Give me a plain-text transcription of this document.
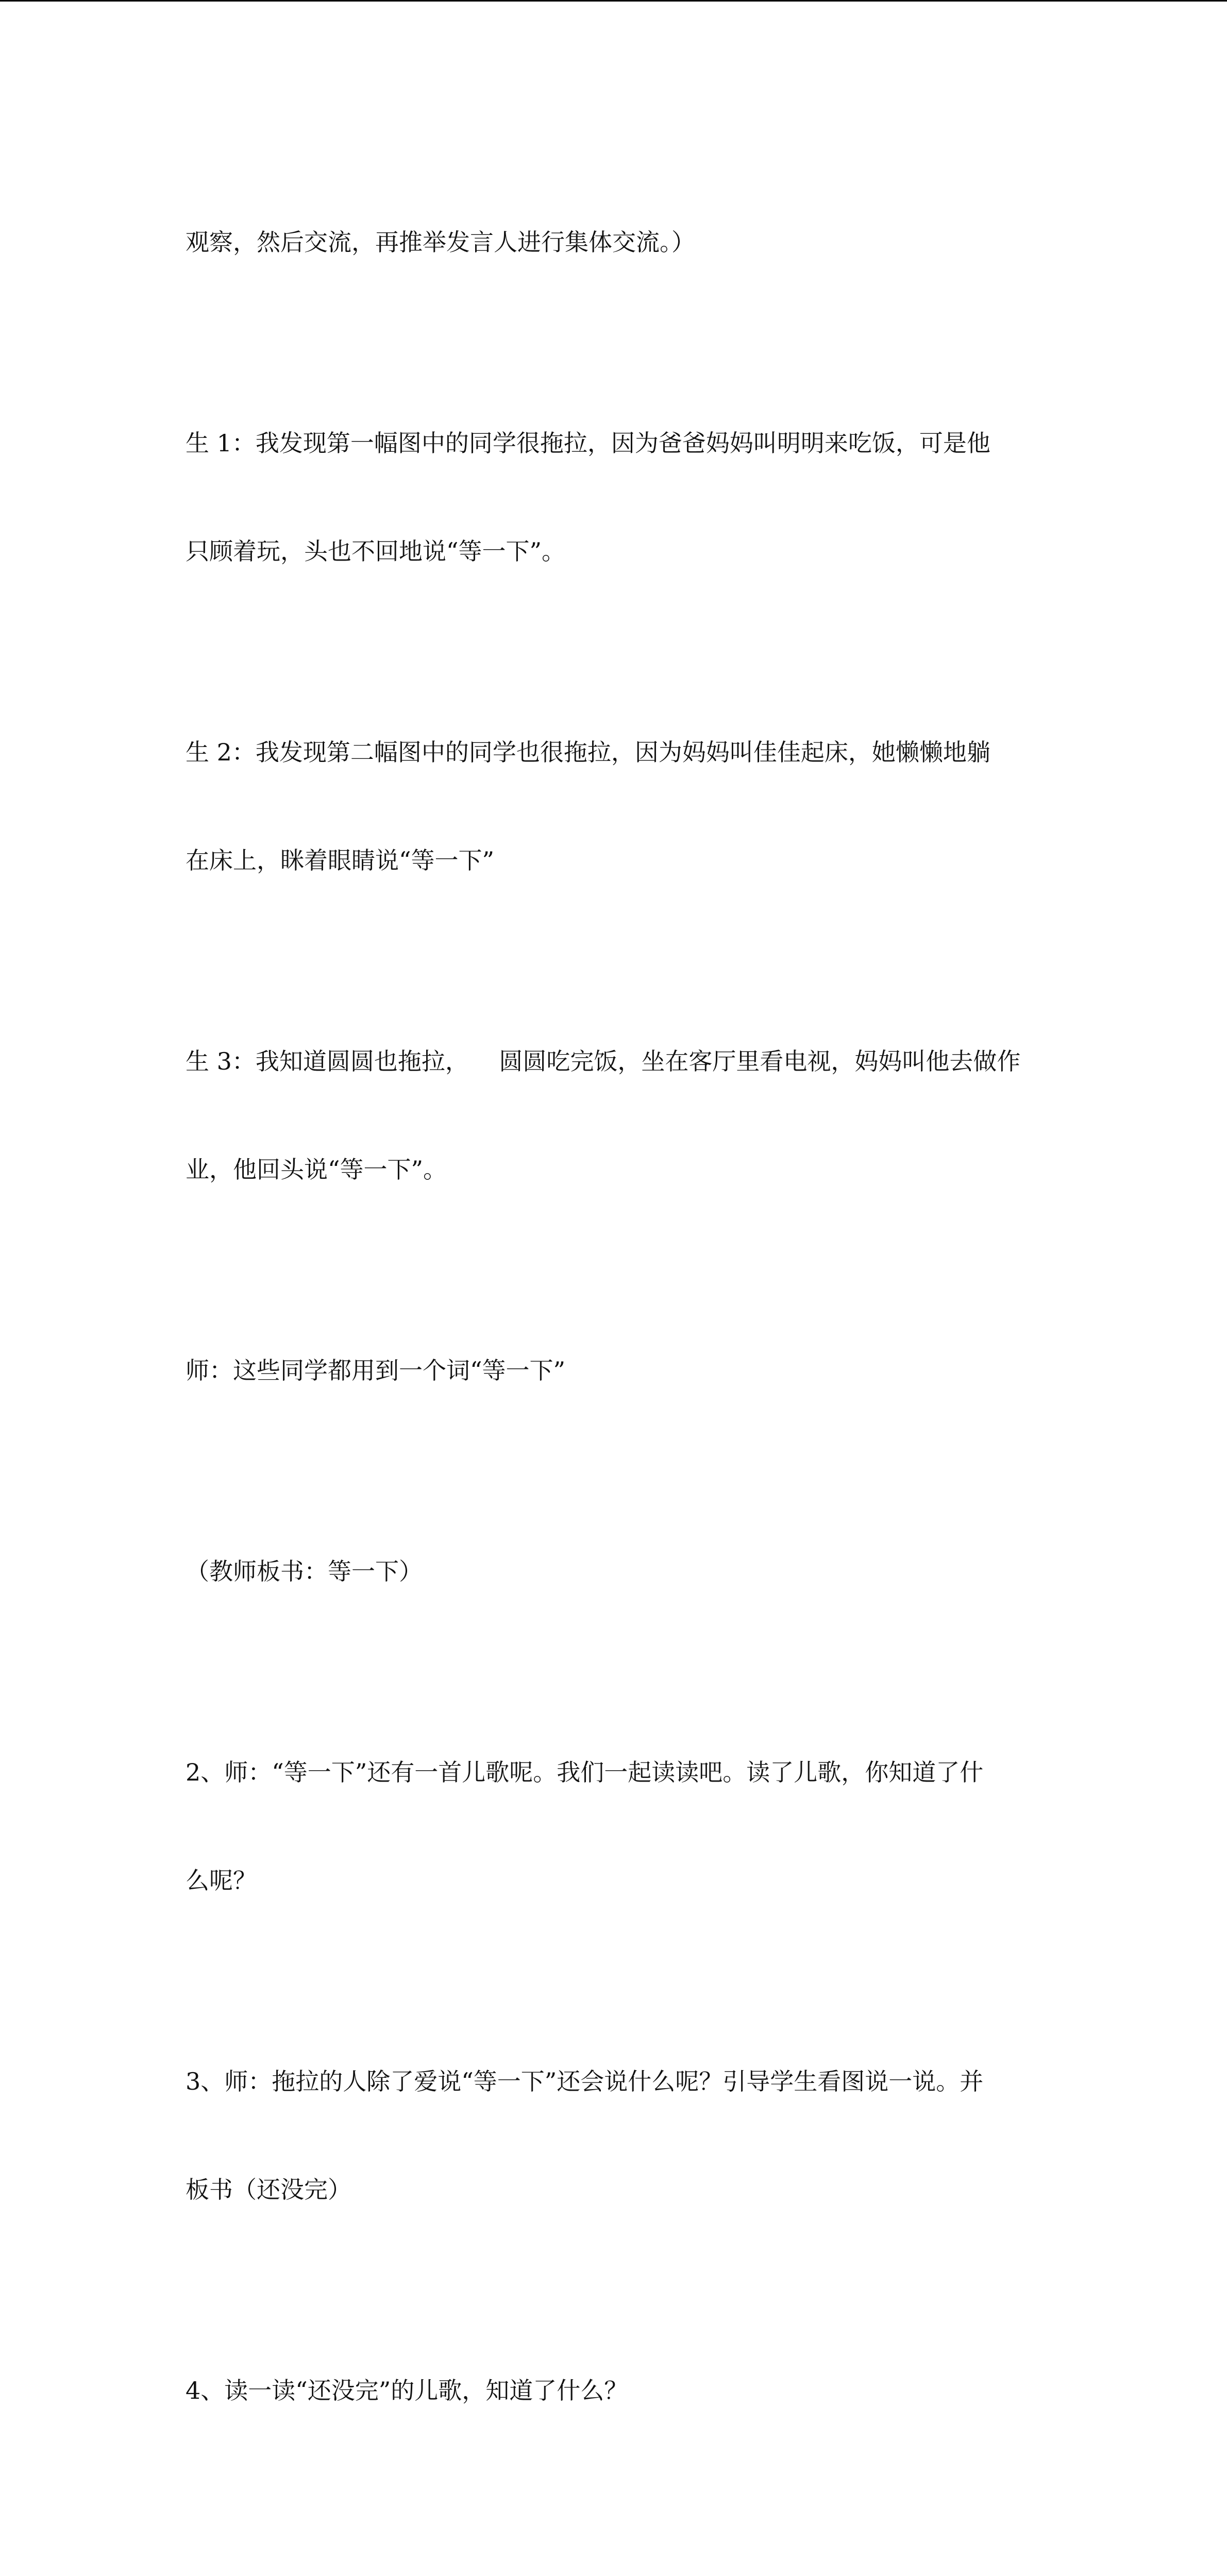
观察，然后交流，再推举发言人进行集体交流。）

生 1：我发现第一幅图中的同学很拖拉，因为爸爸妈妈叫明明来吃饭，可是他

只顾着玩，头也不回地说“等一下”。

生 2：我发现第二幅图中的同学也很拖拉，因为妈妈叫佳佳起床，她懒懒地躺

在床上，眯着眼睛说“等一下”

生 3：我知道圆圆也拖拉，    圆圆吃完饭，坐在客厅里看电视，妈妈叫他去做作

业，他回头说“等一下”。

师：这些同学都用到一个词“等一下”

（教师板书：等一下）

2、师：“等一下”还有一首儿歌呢。我们一起读读吧。读了儿歌，你知道了什

么呢？

3、师：拖拉的人除了爱说“等一下”还会说什么呢？引导学生看图说一说。并

板书（还没完）

4、读一读“还没完”的儿歌，知道了什么？
